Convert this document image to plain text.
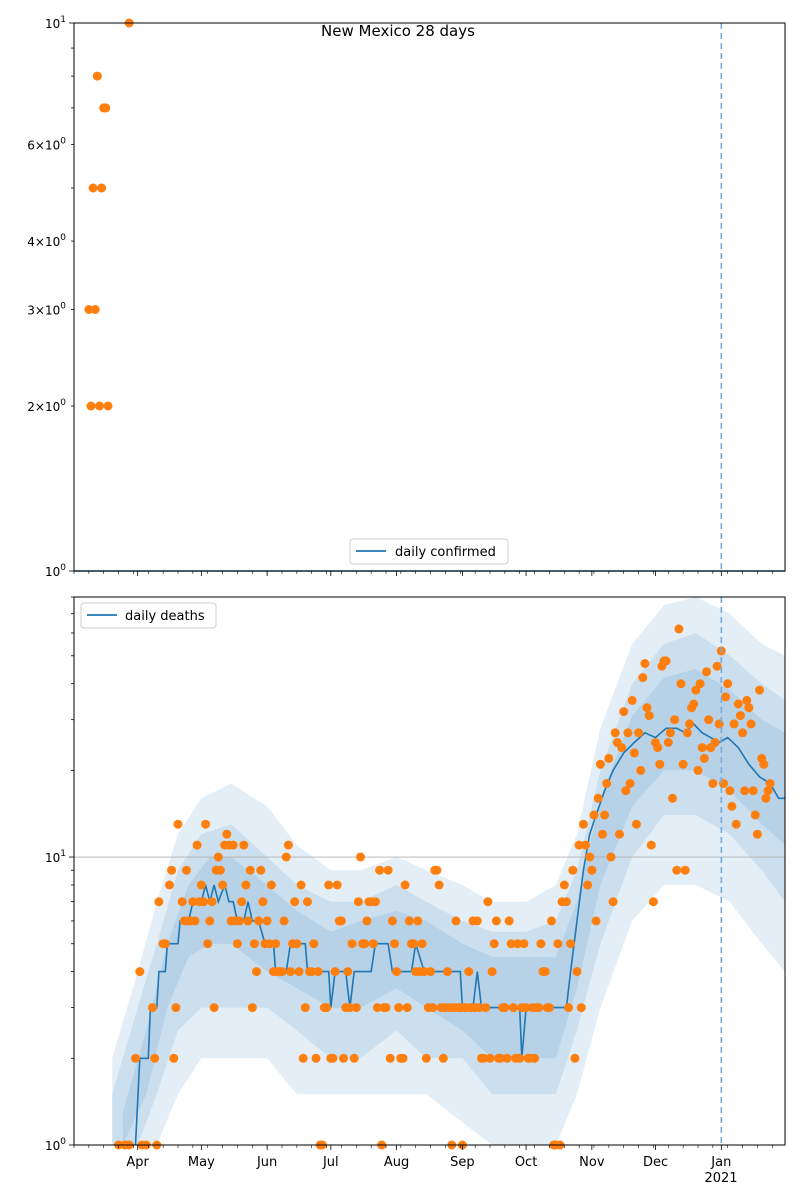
$10^0$
$2\times 10^0$
$3\times 10^0$
$4\times 10^0$
$6\times 10^0$
$10^1$
New Mexico 28 days
daily confirmed
$10^0$
$10^1$
Apr	May	Jun	Jul	Aug	Sep	Oct	Nov	Dec	Jan
2021
daily deaths
